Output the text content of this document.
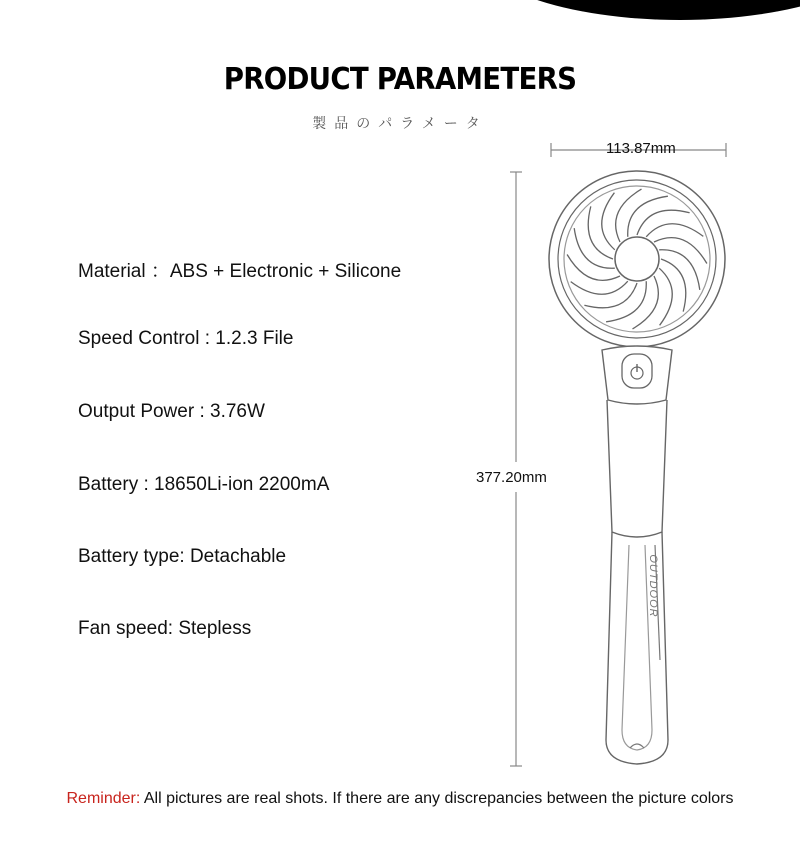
PRODUCT PARAMETERS
製品のパラメータ
Material ：ABS + Electronic + Silicone
Speed Control : 1.2.3 File
Output Power : 3.76W
Battery : 18650Li-ion 2200mA
Battery type: Detachable
Fan speed: Stepless
OUTDOOR
113.87mm
377.20mm
Reminder: All pictures are real shots. If there are any discrepancies between the picture colors
